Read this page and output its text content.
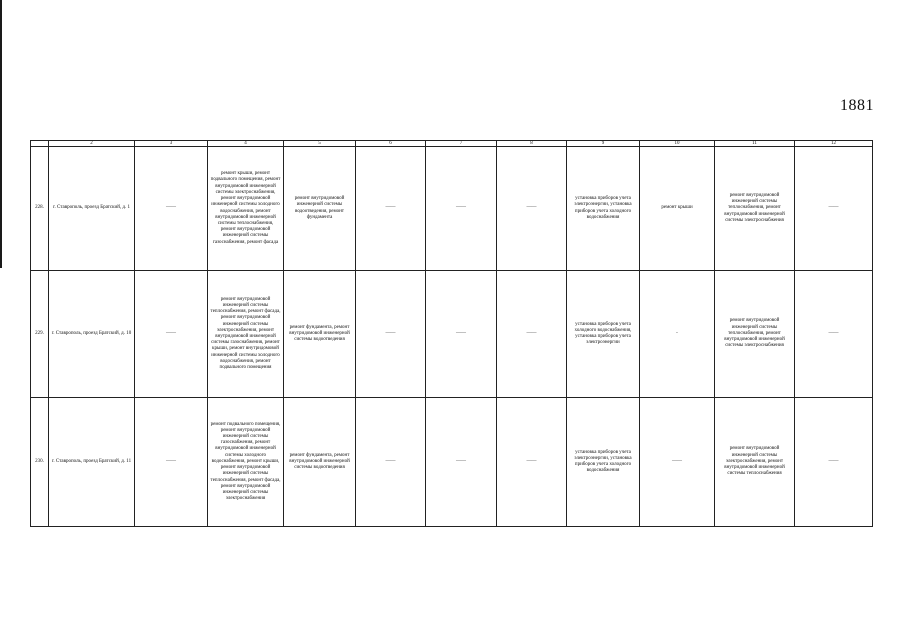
1881
	2	3	4	5	6	7	8	9	10	11	12
228.	г. Ставрополь, проезд Братский, д. 1	——	ремонт крыши, ремонт подвального помещения, ремонт внутридомовой инженерной системы электроснабжения, ремонт внутридомовой инженерной системы холодного водоснабжения, ремонт внутридомовой инженерной системы теплоснабжения, ремонт внутридомовой инженерной системы газоснабжения, ремонт фасада	ремонт внутридомовой инженерной системы водоотведения, ремонт фундамента	——	——	——	установка приборов учета электроэнергии, установка приборов учета холодного водоснабжения	ремонт крыши	ремонт внутридомовой инженерной системы теплоснабжения, ремонт внутридомовой инженерной системы электроснабжения	——
229.	г. Ставрополь, проезд Братский, д. 10	——	ремонт внутридомовой инженерной системы теплоснабжения, ремонт фасада, ремонт внутридомовой инженерной системы электроснабжения, ремонт внутридомовой инженерной системы газоснабжения, ремонт крыши, ремонт внутридомовой инженерной системы холодного водоснабжения, ремонт подвального помещения	ремонт фундамента, ремонт внутридомовой инженерной системы водоотведения	——	——	——	установка приборов учета холодного водоснабжения, установка приборов учета электроэнергии	-	ремонт внутридомовой инженерной системы теплоснабжения, ремонт внутридомовой инженерной системы электроснабжения	——
230.	г. Ставрополь, проезд Братский, д. 11	——	ремонт подвального помещения, ремонт внутридомовой инженерной системы газоснабжения, ремонт внутридомовой инженерной системы холодного водоснабжения, ремонт крыши, ремонт внутридомовой инженерной системы теплоснабжения, ремонт фасада, ремонт внутридомовой инженерной системы электроснабжения	ремонт фундамента, ремонт внутридомовой инженерной системы водоотведения	——	——	——	установка приборов учета электроэнергии, установка приборов учета холодного водоснабжения	——	ремонт внутридомовой инженерной системы электроснабжения, ремонт внутридомовой инженерной системы теплоснабжения	——
